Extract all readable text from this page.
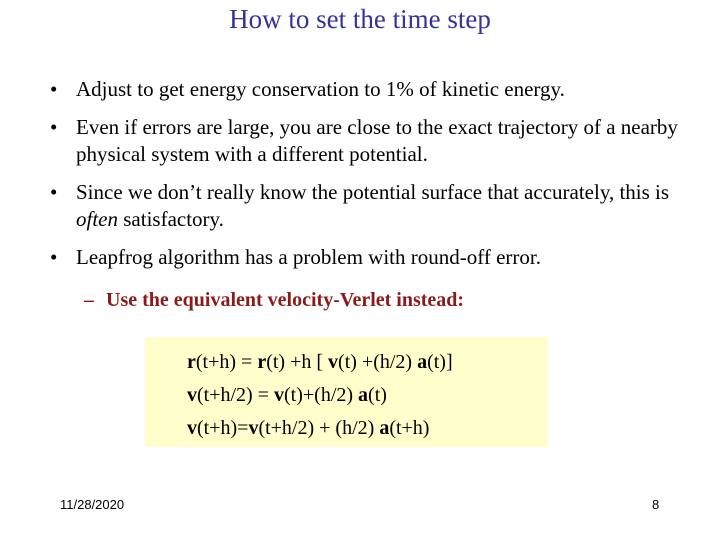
How to set the time step
• Adjust to get energy conservation to 1% of kinetic energy.
• Even if errors are large, you are close to the exact trajectory of a nearby physical system with a different potential.
• Since we don’t really know the potential surface that accurately, this is often satisfactory.
• Leapfrog algorithm has a problem with round-off error.
– Use the equivalent velocity-Verlet instead:
r(t+h) = r(t) +h [ v(t) +(h/2) a(t)]
v(t+h/2) = v(t)+(h/2) a(t)
v(t+h)=v(t+h/2) + (h/2) a(t+h)
11/28/2020	8
